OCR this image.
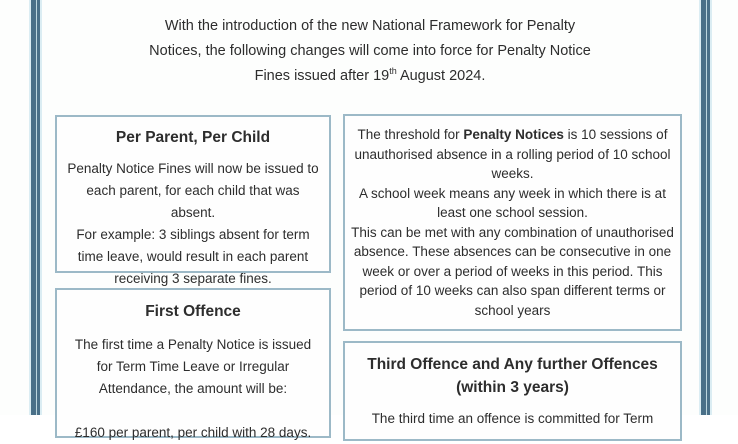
With the introduction of the new National Framework for Penalty
Notices, the following changes will come into force for Penalty Notice
Fines issued after 19th August 2024.
Per Parent, Per Child

Penalty Notice Fines will now be issued to each parent, for each child that was absent.

For example: 3 siblings absent for term time leave, would result in each parent receiving 3 separate fines.

First Offence

The first time a Penalty Notice is issued for Term Time Leave or Irregular Attendance, the amount will be:

£160 per parent, per child with 28 days.

The threshold for Penalty Notices is 10 sessions of unauthorised absence in a rolling period of 10 school weeks.

A school week means any week in which there is at least one school session.

This can be met with any combination of unauthorised absence. These absences can be consecutive in one week or over a period of weeks in this period. This period of 10 weeks can also span different terms or school years

Third Offence and Any further Offences
(within 3 years)

The third time an offence is committed for Term
